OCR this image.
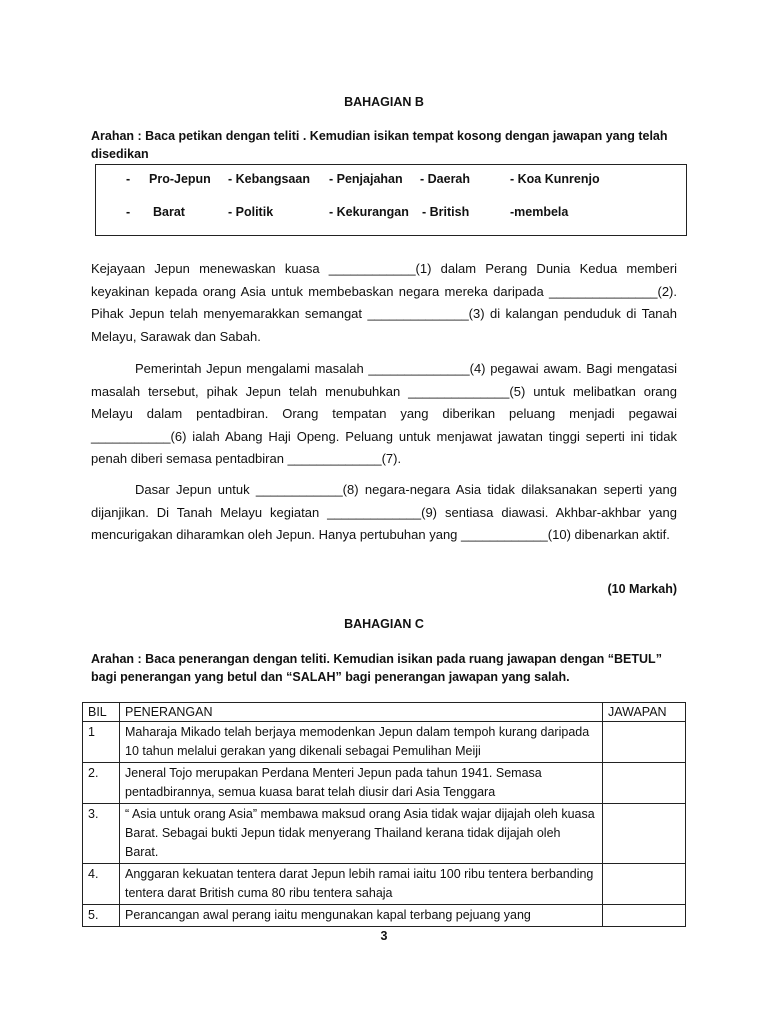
BAHAGIAN B
Arahan : Baca petikan dengan teliti . Kemudian isikan tempat kosong dengan jawapan yang telah disedikan
- Pro-Jepun - Kebangsaan - Penjajahan - Daerah	- Koa Kunrenjo
- Barat	- Politik	- Kekurangan - British	-membela
Kejayaan Jepun menewaskan kuasa ____________(1) dalam Perang Dunia Kedua memberi keyakinan kepada orang Asia untuk membebaskan negara mereka daripada _______________(2). Pihak Jepun telah menyemarakkan semangat ______________(3) di kalangan penduduk di Tanah Melayu, Sarawak dan Sabah.
Pemerintah Jepun mengalami masalah ______________(4) pegawai awam. Bagi mengatasi masalah tersebut, pihak Jepun telah menubuhkan ______________(5) untuk melibatkan orang Melayu dalam pentadbiran. Orang tempatan yang diberikan peluang menjadi pegawai ___________(6) ialah Abang Haji Openg. Peluang untuk menjawat jawatan tinggi seperti ini tidak penah diberi semasa pentadbiran _____________(7).
Dasar Jepun untuk ____________(8) negara-negara Asia tidak dilaksanakan seperti yang dijanjikan. Di Tanah Melayu kegiatan _____________(9) sentiasa diawasi. Akhbar-akhbar yang mencurigakan diharamkan oleh Jepun. Hanya pertubuhan yang ____________(10) dibenarkan aktif.
(10 Markah)
BAHAGIAN C
Arahan : Baca penerangan dengan teliti. Kemudian isikan pada ruang jawapan dengan “BETUL” bagi penerangan yang betul dan “SALAH” bagi penerangan jawapan yang salah.
BIL	PENERANGAN	JAWAPAN
1	Maharaja Mikado telah berjaya memodenkan Jepun dalam tempoh kurang daripada 10 tahun melalui gerakan yang dikenali sebagai Pemulihan Meiji	
2.	Jeneral Tojo merupakan Perdana Menteri Jepun pada tahun 1941. Semasa pentadbirannya, semua kuasa barat telah diusir dari Asia Tenggara	
3.	“ Asia untuk orang Asia” membawa maksud orang Asia tidak wajar dijajah oleh kuasa Barat. Sebagai bukti Jepun tidak menyerang Thailand kerana tidak dijajah oleh Barat.	
4.	Anggaran kekuatan tentera darat Jepun lebih ramai iaitu 100 ribu tentera berbanding tentera darat British cuma 80 ribu tentera sahaja	
5.	Perancangan awal perang iaitu mengunakan kapal terbang pejuang yang	
3
